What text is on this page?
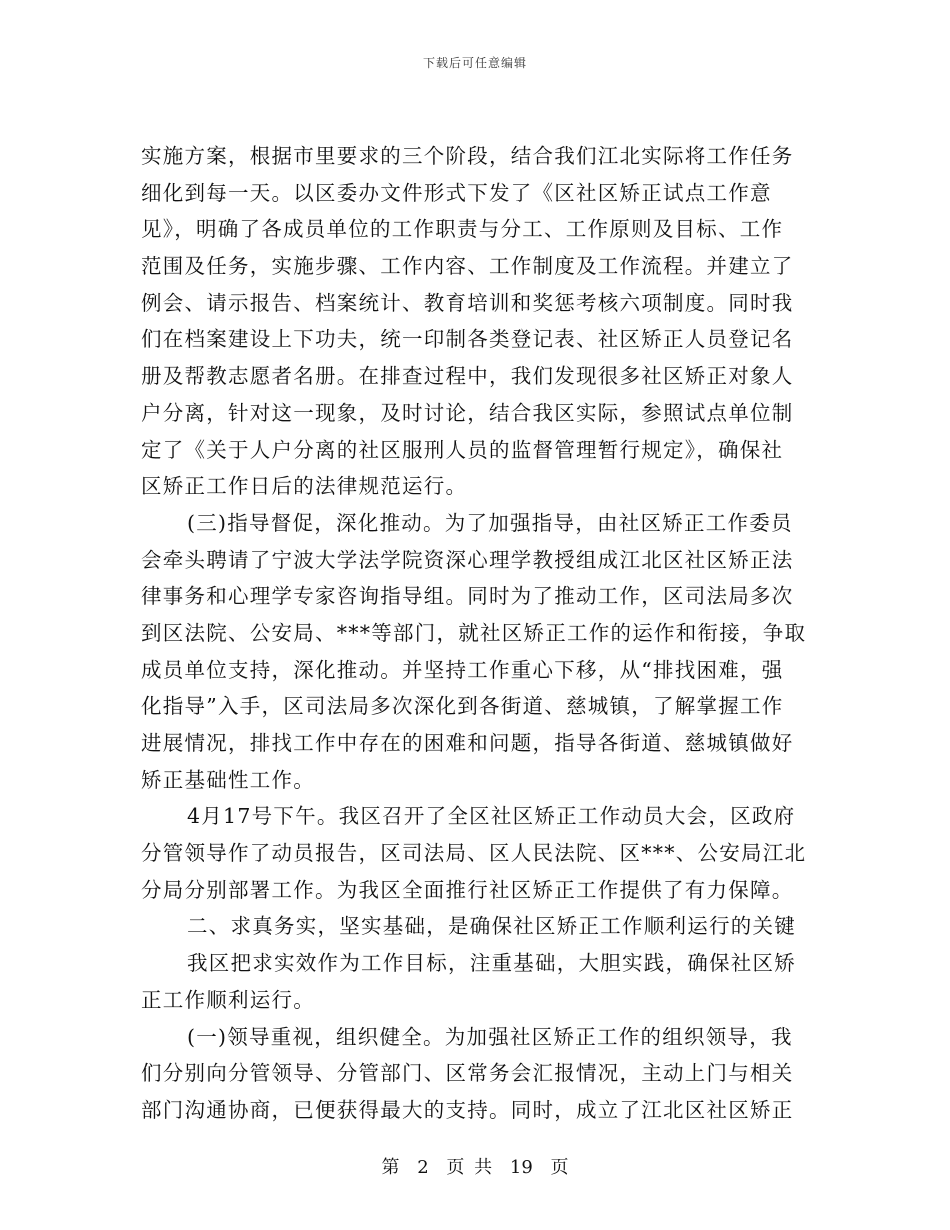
下载后可任意编辑
实施方案，根据市里要求的三个阶段，结合我们江北实际将工作任务
细化到每一天。以区委办文件形式下发了《区社区矫正试点工作意
见》，明确了各成员单位的工作职责与分工、工作原则及目标、工作
范围及任务，实施步骤、工作内容、工作制度及工作流程。并建立了
例会、请示报告、档案统计、教育培训和奖惩考核六项制度。同时我
们在档案建设上下功夫，统一印制各类登记表、社区矫正人员登记名
册及帮教志愿者名册。在排查过程中，我们发现很多社区矫正对象人
户分离，针对这一现象，及时讨论，结合我区实际，参照试点单位制
定了《关于人户分离的社区服刑人员的监督管理暂行规定》，确保社
区矫正工作日后的法律规范运行。
(三)指导督促，深化推动。为了加强指导，由社区矫正工作委员
会牵头聘请了宁波大学法学院资深心理学教授组成江北区社区矫正法
律事务和心理学专家咨询指导组。同时为了推动工作，区司法局多次
到区法院、公安局、***等部门，就社区矫正工作的运作和衔接，争取
成员单位支持，深化推动。并坚持工作重心下移，从“排找困难，强
化指导”入手，区司法局多次深化到各街道、慈城镇，了解掌握工作
进展情况，排找工作中存在的困难和问题，指导各街道、慈城镇做好
矫正基础性工作。
4月17号下午。我区召开了全区社区矫正工作动员大会，区政府
分管领导作了动员报告，区司法局、区人民法院、区***、公安局江北
分局分别部署工作。为我区全面推行社区矫正工作提供了有力保障。
二、求真务实，坚实基础，是确保社区矫正工作顺利运行的关键
我区把求实效作为工作目标，注重基础，大胆实践，确保社区矫
正工作顺利运行。
(一)领导重视，组织健全。为加强社区矫正工作的组织领导，我
们分别向分管领导、分管部门、区常务会汇报情况，主动上门与相关
部门沟通协商，已便获得最大的支持。同时，成立了江北区社区矫正
第 2 页 共 19 页
